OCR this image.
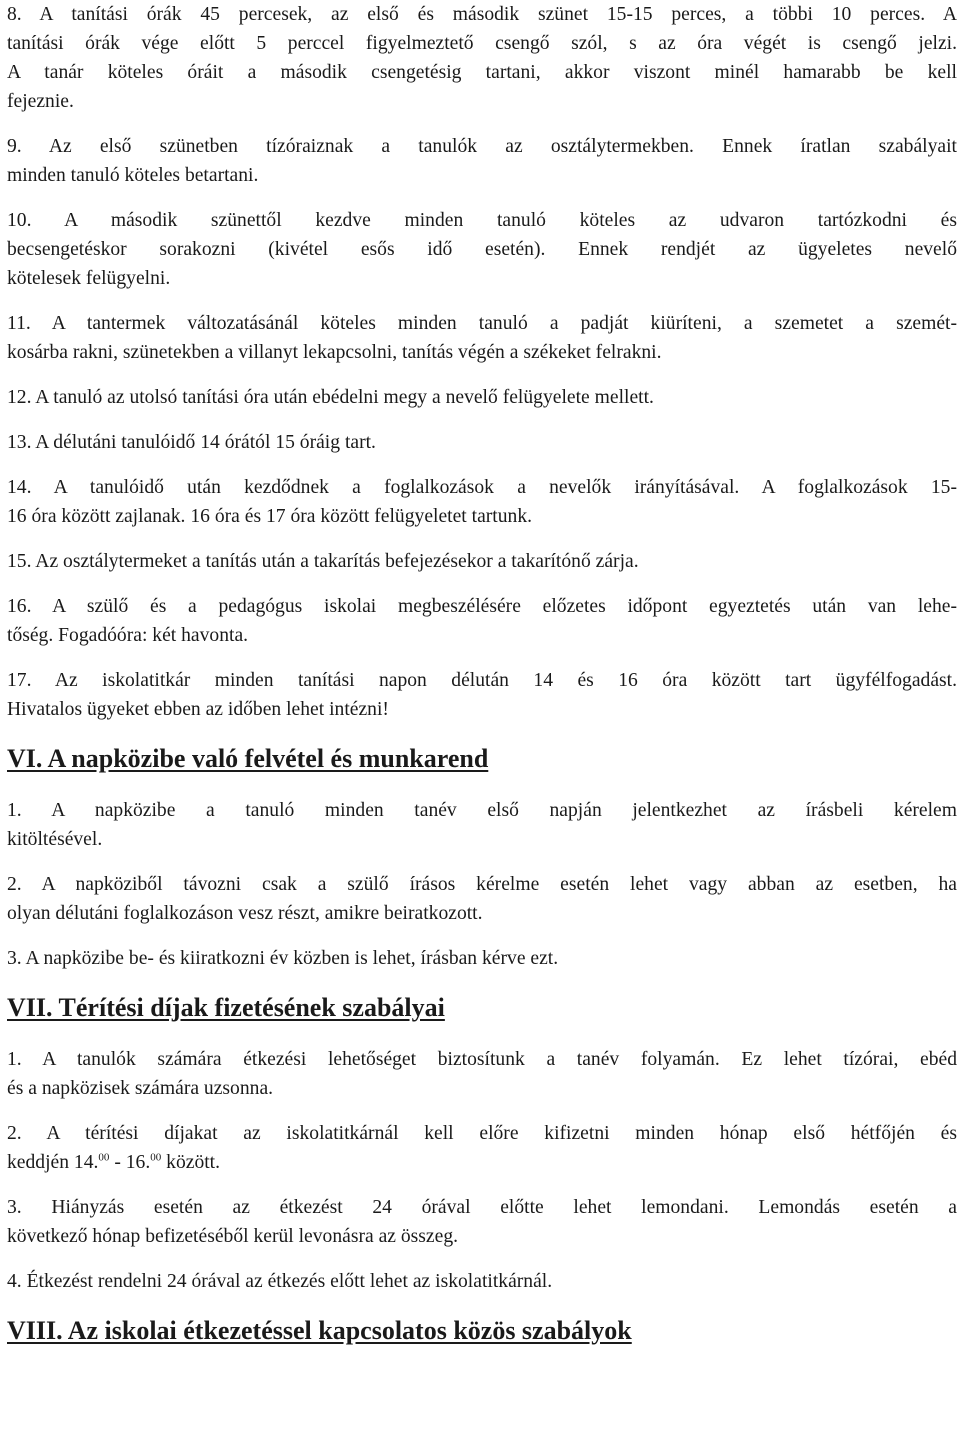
8. A tanítási órák 45 percesek, az első és második szünet 15-15 perces, a többi 10 perces. A
tanítási órák vége előtt 5 perccel figyelmeztető csengő szól, s az óra végét is csengő jelzi.
A tanár köteles óráit a második csengetésig tartani, akkor viszont minél hamarabb be kell
fejeznie.
9. Az első szünetben tízóraiznak a tanulók az osztálytermekben. Ennek íratlan szabályait
minden tanuló köteles betartani.
10. A második szünettől kezdve minden tanuló köteles az udvaron tartózkodni és
becsengetéskor sorakozni (kivétel esős idő esetén). Ennek rendjét az ügyeletes nevelő
kötelesek felügyelni.
11. A tantermek változatásánál köteles minden tanuló a padját kiüríteni, a szemetet a szemét-
kosárba rakni, szünetekben a villanyt lekapcsolni, tanítás végén a székeket felrakni.
12. A tanuló az utolsó tanítási óra után ebédelni megy a nevelő felügyelete mellett.
13. A délutáni tanulóidő 14 órától 15 óráig tart.
14. A tanulóidő után kezdődnek a foglalkozások a nevelők irányításával. A foglalkozások 15-
16 óra között zajlanak. 16 óra és 17 óra között felügyeletet tartunk.
15. Az osztálytermeket a tanítás után a takarítás befejezésekor a takarítónő zárja.
16. A szülő és a pedagógus iskolai megbeszélésére előzetes időpont egyeztetés után van lehe-
tőség. Fogadóóra: két havonta.
17. Az iskolatitkár minden tanítási napon délután 14 és 16 óra között tart ügyfélfogadást.
Hivatalos ügyeket ebben az időben lehet intézni!
VI. A napközibe való felvétel és munkarend
1. A napközibe a tanuló minden tanév első napján jelentkezhet az írásbeli kérelem
kitöltésével.
2. A napköziből távozni csak a szülő írásos kérelme esetén lehet vagy abban az esetben, ha
olyan délutáni foglalkozáson vesz részt, amikre beiratkozott.
3. A napközibe be- és kiiratkozni év közben is lehet, írásban kérve ezt.
VII. Térítési díjak fizetésének szabályai
1. A tanulók számára étkezési lehetőséget biztosítunk a tanév folyamán. Ez lehet tízórai, ebéd
és a napközisek számára uzsonna.
2. A térítési díjakat az iskolatitkárnál kell előre kifizetni minden hónap első hétfőjén és
keddjén 14.00 - 16.00 között.
3. Hiányzás esetén az étkezést 24 órával előtte lehet lemondani. Lemondás esetén a
következő hónap befizetéséből kerül levonásra az összeg.
4. Étkezést rendelni 24 órával az étkezés előtt lehet az iskolatitkárnál.
VIII. Az iskolai étkezetéssel kapcsolatos közös szabályok
